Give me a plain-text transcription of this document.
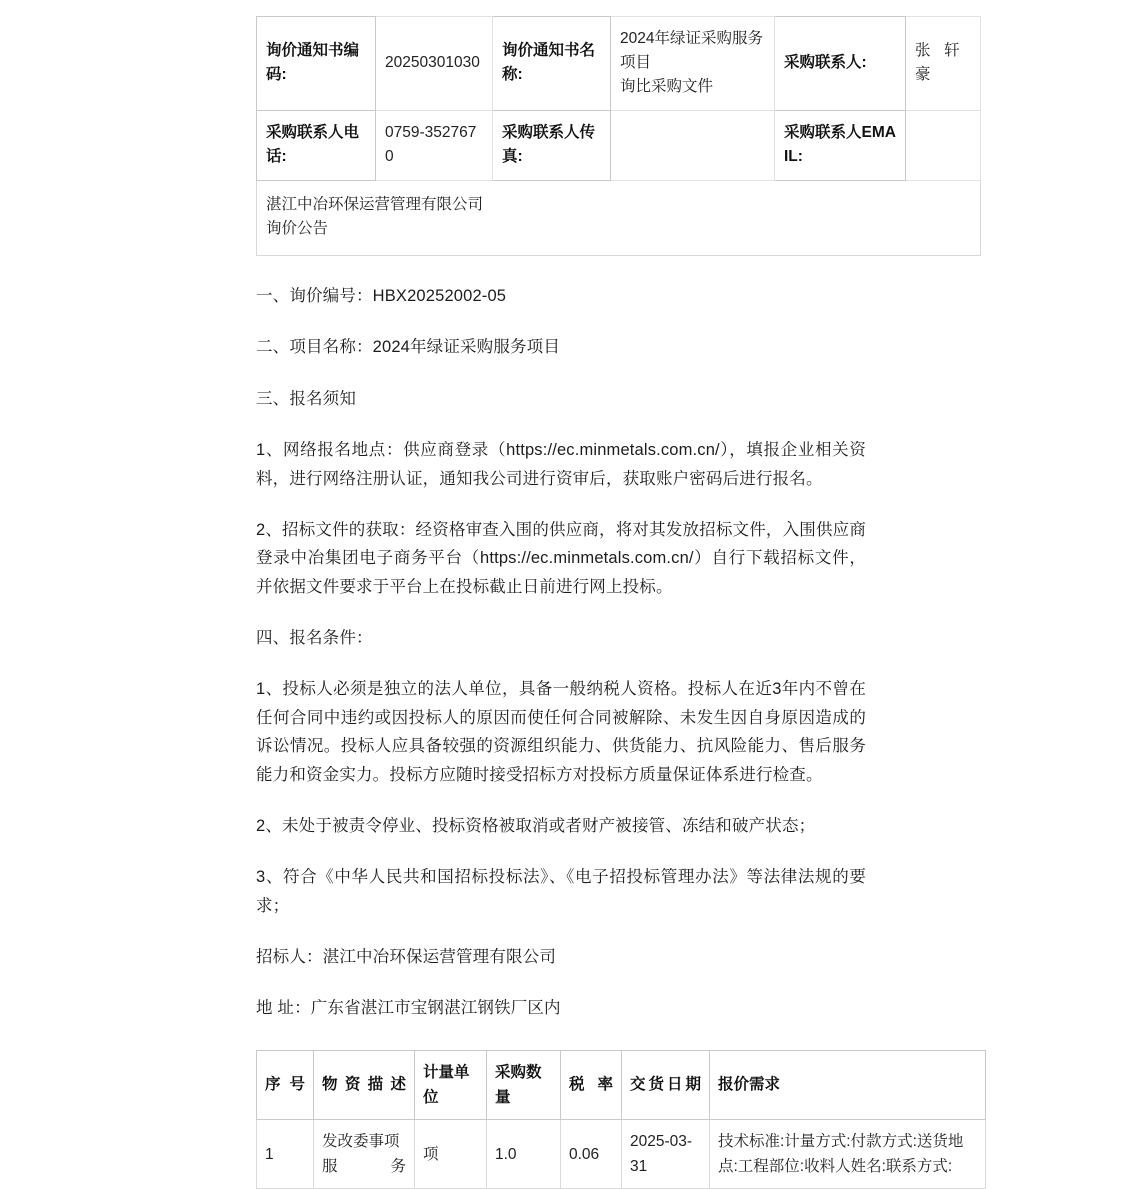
询价通知书编码:	20250301030	询价通知书名称:	2024年绿证采购服务项目
询比采购文件	采购联系人:	张 轩
豪

采购联系人电话:	0759-3527670	采购联系人传真:		采购联系人EMAIL:	
湛江中冶环保运营管理有限公司
询价公告					

一、询价编号：HBX20252002-05

二、项目名称：2024年绿证采购服务项目

三、报名须知

1、网络报名地点：供应商登录（https://ec.minmetals.com.cn/），填报企业相关资料，进行网络注册认证，通知我公司进行资审后，获取账户密码后进行报名。

2、招标文件的获取：经资格审查入围的供应商，将对其发放招标文件，入围供应商登录中冶集团电子商务平台（https://ec.minmetals.com.cn/）自行下载招标文件，并依据文件要求于平台上在投标截止日前进行网上投标。

四、报名条件：

1、投标人必须是独立的法人单位，具备一般纳税人资格。投标人在近3年内不曾在任何合同中违约或因投标人的原因而使任何合同被解除、未发生因自身原因造成的诉讼情况。投标人应具备较强的资源组织能力、供货能力、抗风险能力、售后服务能力和资金实力。投标方应随时接受招标方对投标方质量保证体系进行检查。

2、未处于被责令停业、投标资格被取消或者财产被接管、冻结和破产状态；

3、符合《中华人民共和国招标投标法》、《电子招投标管理办法》等法律法规的要求；

招标人：湛江中冶环保运营管理有限公司

地 址：广东省湛江市宝钢湛江钢铁厂区内

序号	物资描述	计量单位	采购数量	税率	交货日期	报价需求
1	发改委事项服务	项	1.0	0.06	2025-03-31	技术标准:计量方式:付款方式:送货地点:工程部位:收料人姓名:联系方式:
